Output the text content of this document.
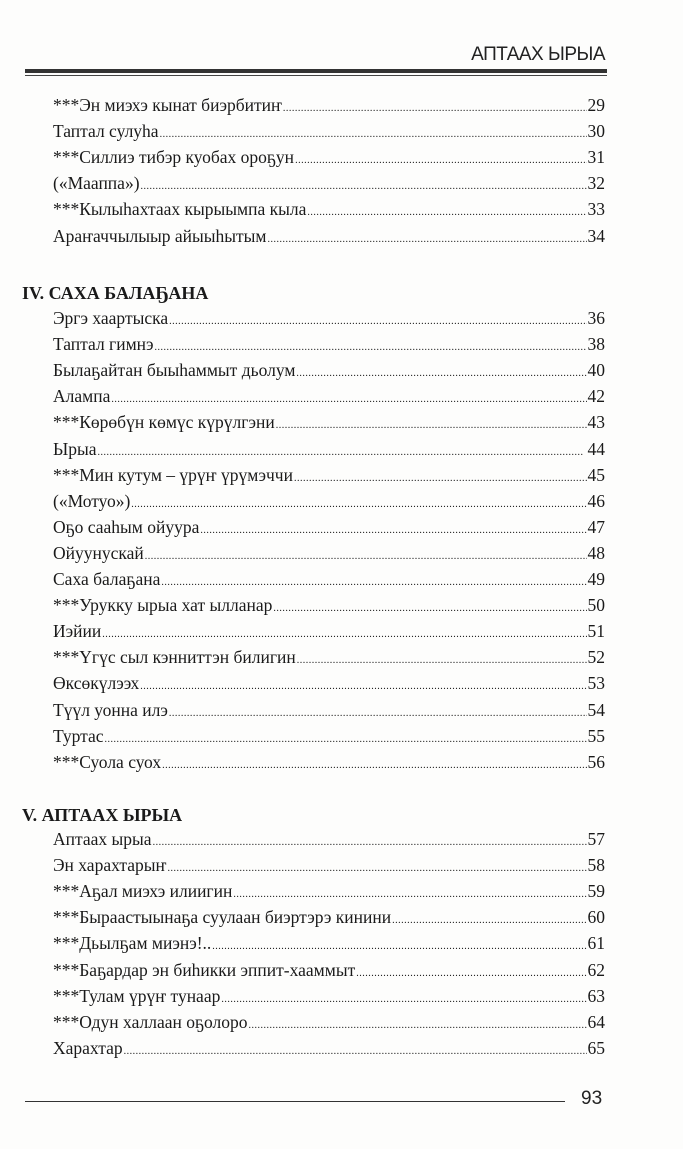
АПТААХ ЫРЫА
***Эн миэхэ кынат биэрбитиҥ .....	29
Таптал сулуһа .....	30
***Силлиэ тибэр куобах ороҕун .....	31
(«Мааппа») .....	32
***Кылыһахтаах кырыымпа кыла .....	33
Араҥаччылыыр айыыһытым .....	34
IV. САХА БАЛАҔАНА
Эргэ хаартыска .....	36
Таптал гимнэ .....	38
Былаҕайтан быыһаммыт дьолум .....	40
Алампа .....	42
***Көрөбүн көмүс күрүлгэни .....	43
Ырыа .....	44
***Мин кутум – үрүҥ үрүмэччи .....	45
(«Мотуо») .....	46
Оҕо сааһым ойуура .....	47
Ойуунускай .....	48
Саха балаҕана .....	49
***Урукку ырыа хат ылланар .....	50
Иэйии .....	51
***Үгүс сыл кэнниттэн билигин .....	52
Өксөкүлээх .....	53
Түүл уонна илэ .....	54
Туртас .....	55
***Суола суох .....	56
V. АПТААХ ЫРЫА
Аптаах ырыа .....	57
Эн харахтарыҥ .....	58
***Аҕал миэхэ илиигин .....	59
***Быраастыынаҕа суулаан биэртэрэ кинини .....	60
***Дьылҕам миэнэ!.. .....	61
***Баҕардар эн биһикки эппит-хааммыт .....	62
***Тулам үрүҥ тунаар .....	63
***Одун халлаан оҕолоро .....	64
Харахтар .....	65
93
